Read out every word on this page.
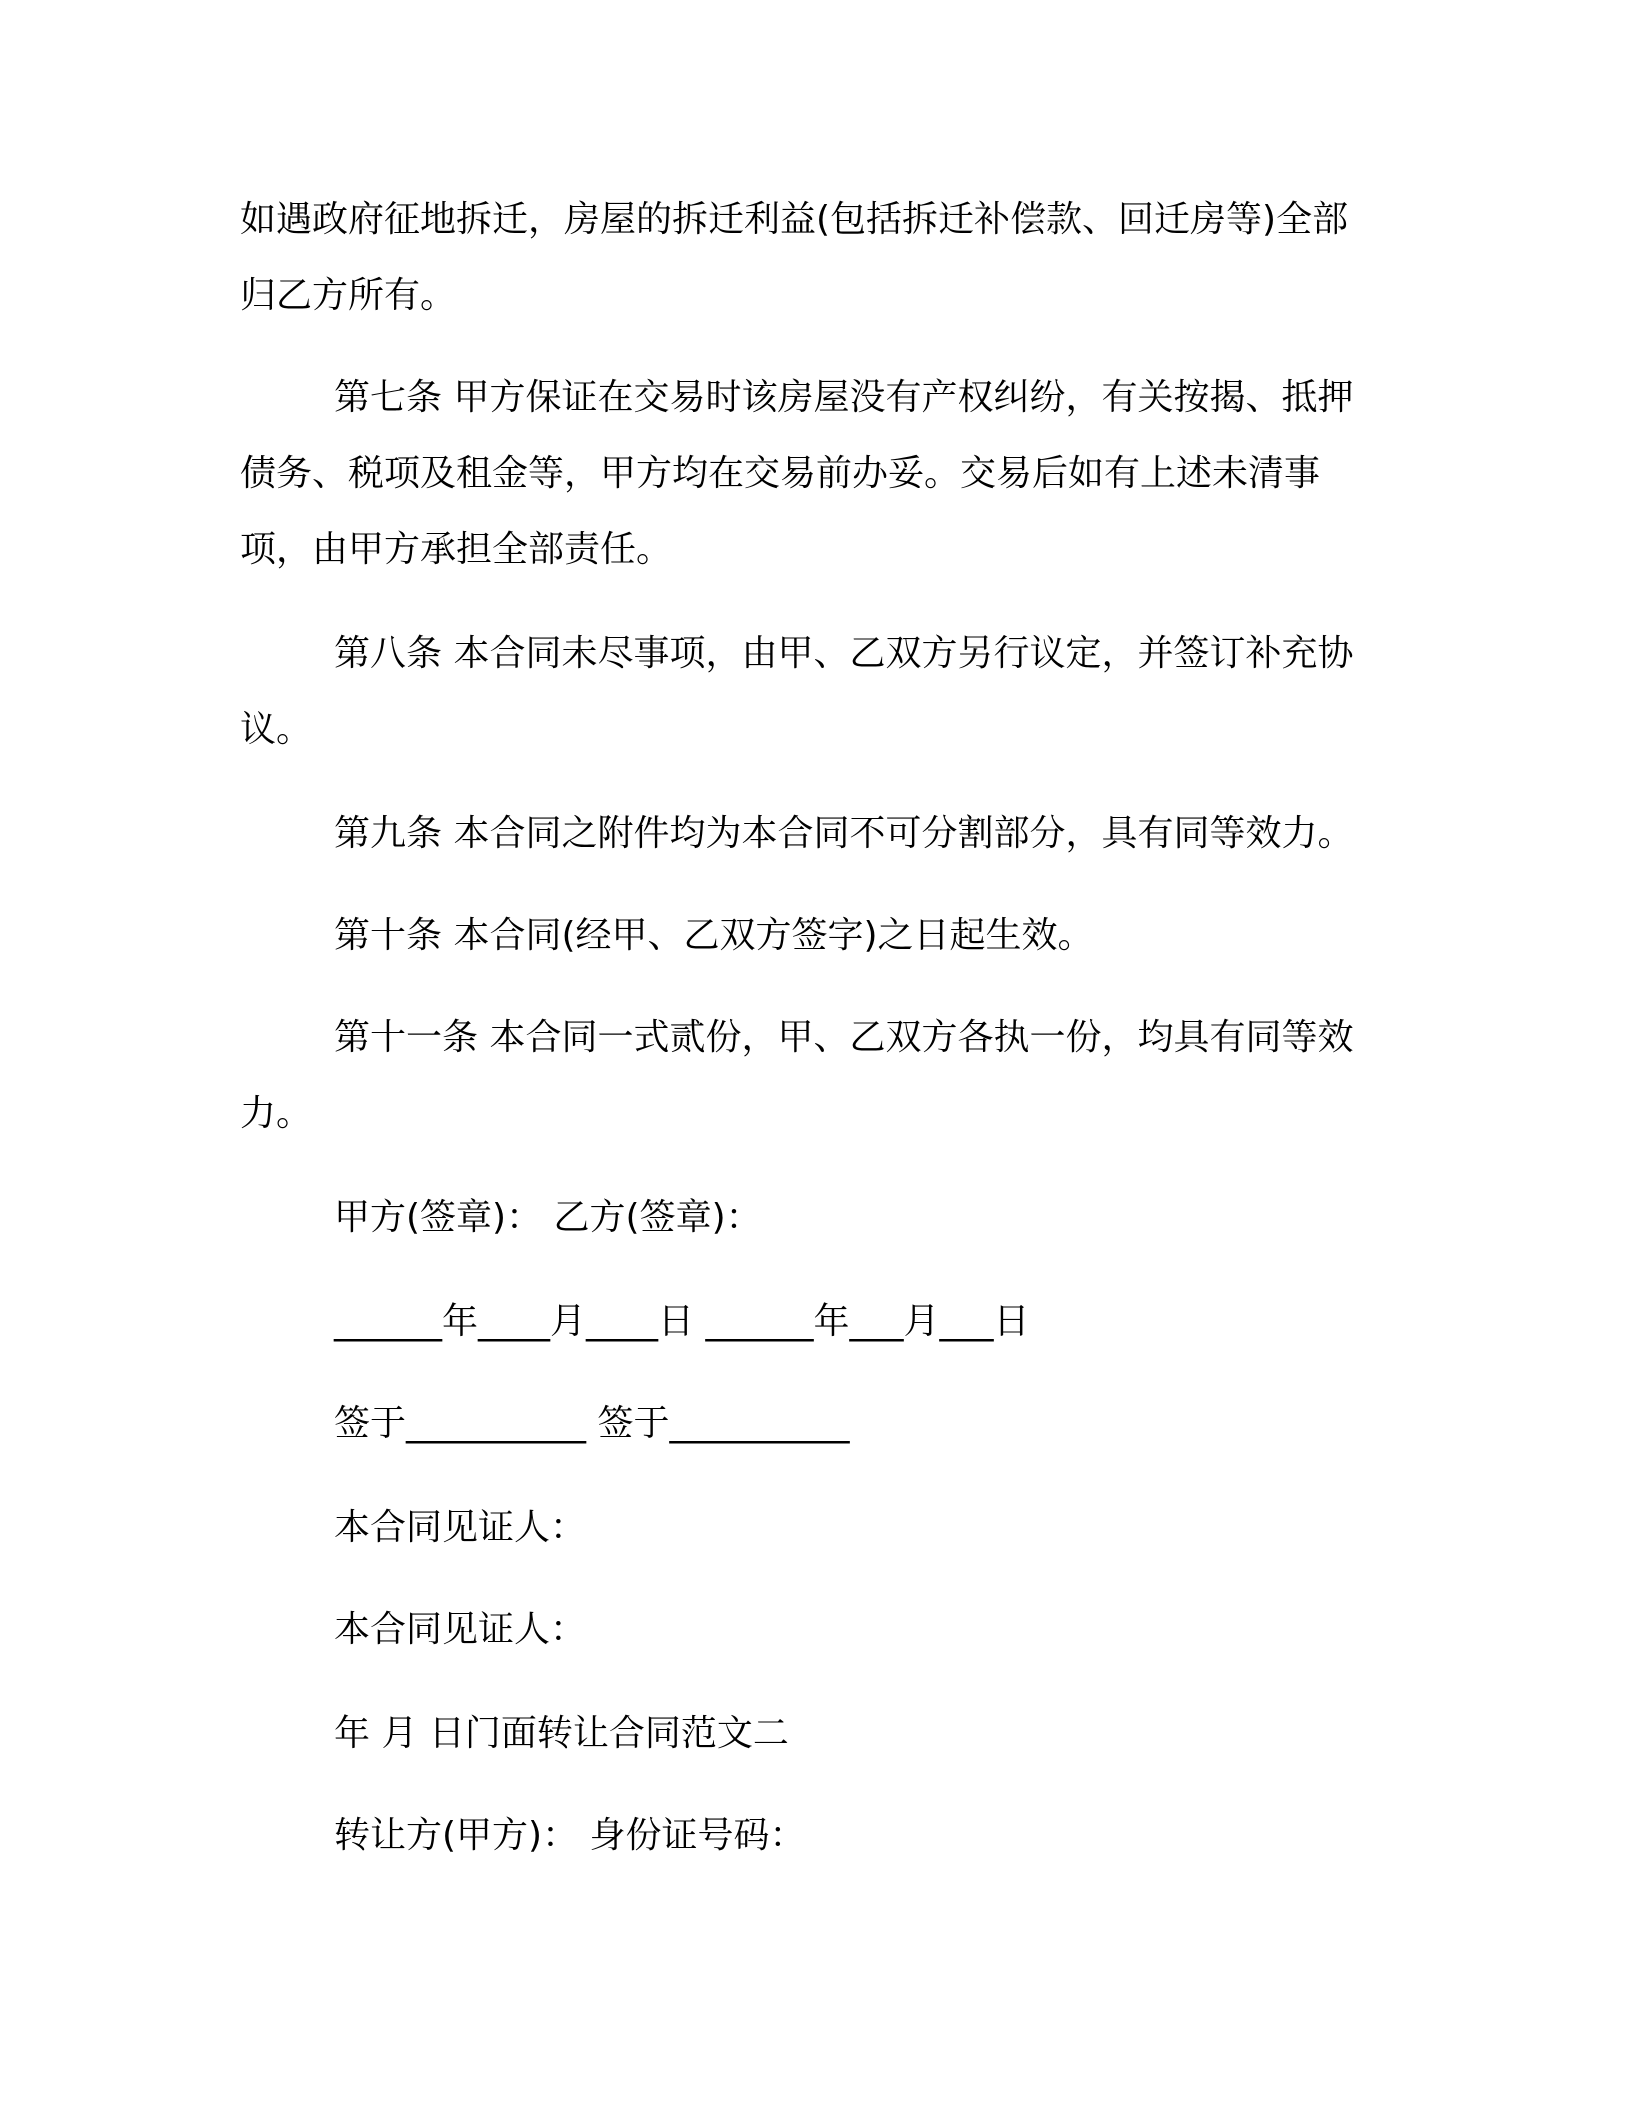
如遇政府征地拆迁，房屋的拆迁利益(包括拆迁补偿款、回迁房等)全部
归乙方所有。
第七条 甲方保证在交易时该房屋没有产权纠纷，有关按揭、抵押
债务、税项及租金等，甲方均在交易前办妥。交易后如有上述未清事
项，由甲方承担全部责任。
第八条 本合同未尽事项，由甲、乙双方另行议定，并签订补充协
议。
第九条 本合同之附件均为本合同不可分割部分，具有同等效力。
第十条 本合同(经甲、乙双方签字)之日起生效。
第十一条 本合同一式贰份，甲、乙双方各执一份，均具有同等效
力。
甲方(签章)： 乙方(签章)：
______年____月____日 ______年___月___日
签于__________ 签于__________
本合同见证人：
本合同见证人：
年 月 日门面转让合同范文二
转让方(甲方)： 身份证号码：
